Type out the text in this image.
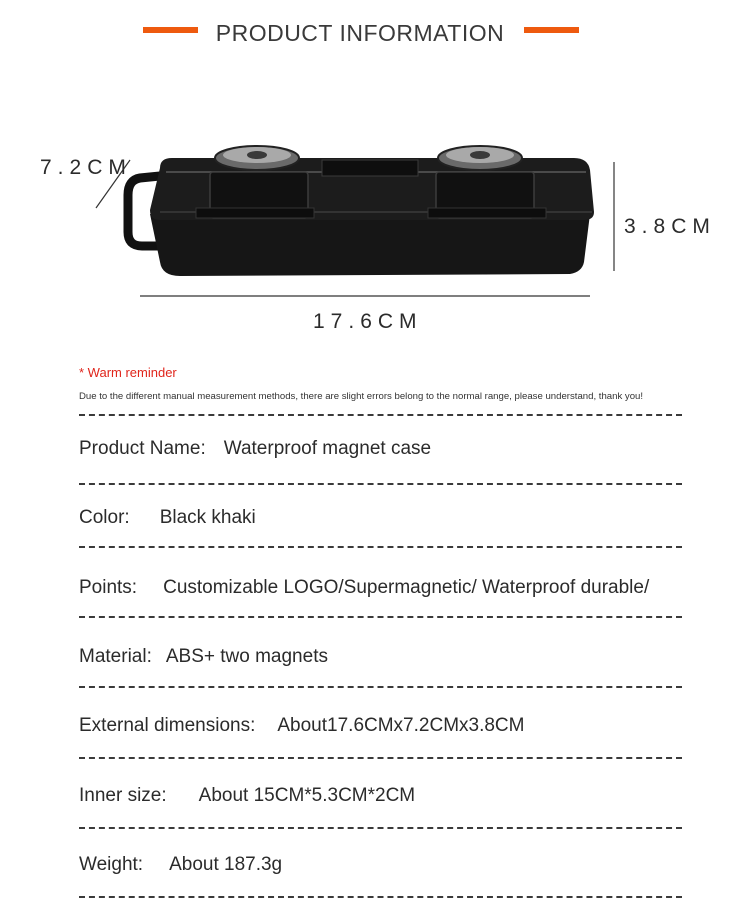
PRODUCT INFORMATION
7.2CM
3.8CM
17.6CM
* Warm reminder
Due to the different manual measurement methods, there are slight errors belong to the normal range, please understand, thank you!
Product Name: Waterproof magnet case
Color: Black khaki
Points: Customizable LOGO/Supermagnetic/ Waterproof durable/
Material: ABS+ two magnets
External dimensions: About17.6CMx7.2CMx3.8CM
Inner size: About 15CM*5.3CM*2CM
Weight: About 187.3g
